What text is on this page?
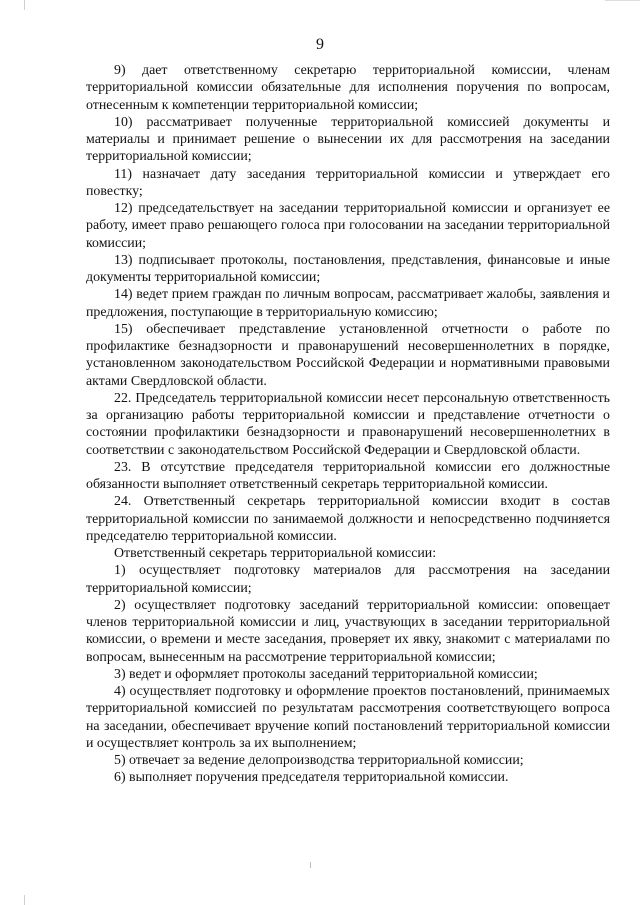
9

9) дает ответственному секретарю территориальной комиссии, членам территориальной комиссии обязательные для исполнения поручения по вопросам, отнесенным к компетенции территориальной комиссии;

10) рассматривает полученные территориальной комиссией документы и материалы и принимает решение о вынесении их для рассмотрения на заседании территориальной комиссии;

11) назначает дату заседания территориальной комиссии и утверждает его повестку;

12) председательствует на заседании территориальной комиссии и организует ее работу, имеет право решающего голоса при голосовании на заседании территориальной комиссии;

13) подписывает протоколы, постановления, представления, финансовые и иные документы территориальной комиссии;

14) ведет прием граждан по личным вопросам, рассматривает жалобы, заявления и предложения, поступающие в территориальную комиссию;

15) обеспечивает представление установленной отчетности о работе по профилактике безнадзорности и правонарушений несовершеннолетних в порядке, установленном законодательством Российской Федерации и нормативными правовыми актами Свердловской области.

22. Председатель территориальной комиссии несет персональную ответственность за организацию работы территориальной комиссии и представление отчетности о состоянии профилактики безнадзорности и правонарушений несовершеннолетних в соответствии с законодательством Российской Федерации и Свердловской области.

23. В отсутствие председателя территориальной комиссии его должностные обязанности выполняет ответственный секретарь территориальной комиссии.

24. Ответственный секретарь территориальной комиссии входит в состав территориальной комиссии по занимаемой должности и непосредственно подчиняется председателю территориальной комиссии.

Ответственный секретарь территориальной комиссии:

1) осуществляет подготовку материалов для рассмотрения на заседании территориальной комиссии;

2) осуществляет подготовку заседаний территориальной комиссии: оповещает членов территориальной комиссии и лиц, участвующих в заседании территориальной комиссии, о времени и месте заседания, проверяет их явку, знакомит с материалами по вопросам, вынесенным на рассмотрение территориальной комиссии;

3) ведет и оформляет протоколы заседаний территориальной комиссии;

4) осуществляет подготовку и оформление проектов постановлений, принимаемых территориальной комиссией по результатам рассмотрения соответствующего вопроса на заседании, обеспечивает вручение копий постановлений территориальной комиссии и осуществляет контроль за их выполнением;

5) отвечает за ведение делопроизводства территориальной комиссии;

6) выполняет поручения председателя территориальной комиссии.
